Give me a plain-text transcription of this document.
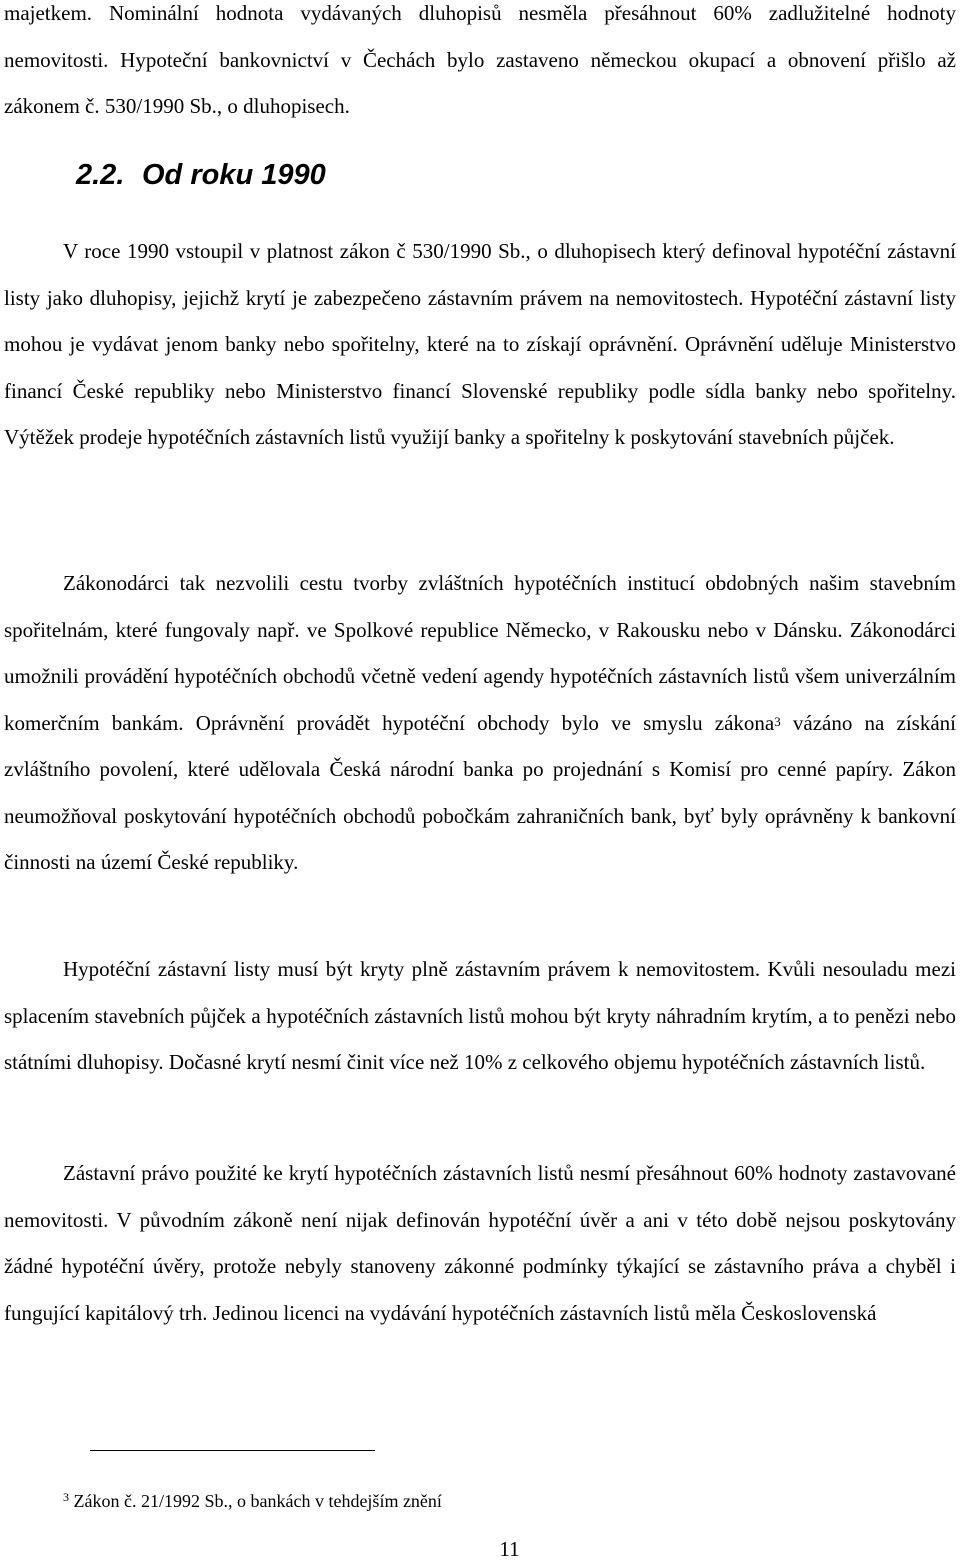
majetkem. Nominální hodnota vydávaných dluhopisů nesměla přesáhnout 60% zadlužitelné hodnoty nemovitosti. Hypoteční bankovnictví v Čechách bylo zastaveno německou okupací a obnovení přišlo až zákonem č. 530/1990 Sb., o dluhopisech.

2.2. Od roku 1990

V roce 1990 vstoupil v platnost zákon č 530/1990 Sb., o dluhopisech který definoval hypotéční zástavní listy jako dluhopisy, jejichž krytí je zabezpečeno zástavním právem na nemovitostech. Hypotéční zástavní listy mohou je vydávat jenom banky nebo spořitelny, které na to získají oprávnění. Oprávnění uděluje Ministerstvo financí České republiky nebo Ministerstvo financí Slovenské republiky podle sídla banky nebo spořitelny. Výtěžek prodeje hypotéčních zástavních listů využijí banky a spořitelny k poskytování stavebních půjček.

Zákonodárci tak nezvolili cestu tvorby zvláštních hypotéčních institucí obdobných našim stavebním spořitelnám, které fungovaly např. ve Spolkové republice Německo, v Rakousku nebo v Dánsku. Zákonodárci umožnili provádění hypotéčních obchodů včetně vedení agendy hypotéčních zástavních listů všem univerzálním komerčním bankám. Oprávnění provádět hypotéční obchody bylo ve smyslu zákona$^3$ vázáno na získání zvláštního povolení, které udělovala Česká národní banka po projednání s Komisí pro cenné papíry. Zákon neumožňoval poskytování hypotéčních obchodů pobočkám zahraničních bank, byť byly oprávněny k bankovní činnosti na území České republiky.

Hypotéční zástavní listy musí být kryty plně zástavním právem k nemovitostem. Kvůli nesouladu mezi splacením stavebních půjček a hypotéčních zástavních listů mohou být kryty náhradním krytím, a to penězi nebo státními dluhopisy. Dočasné krytí nesmí činit více než 10% z celkového objemu hypotéčních zástavních listů.

Zástavní právo použité ke krytí hypotéčních zástavních listů nesmí přesáhnout 60% hodnoty zastavované nemovitosti. V původním zákoně není nijak definován hypotéční úvěr a ani v této době nejsou poskytovány žádné hypotéční úvěry, protože nebyly stanoveny zákonné podmínky týkající se zástavního práva a chyběl i fungující kapitálový trh. Jedinou licenci na vydávání hypotéčních zástavních listů měla Československá

$^3$ Zákon č. 21/1992 Sb., o bankách v tehdejším znění

11
